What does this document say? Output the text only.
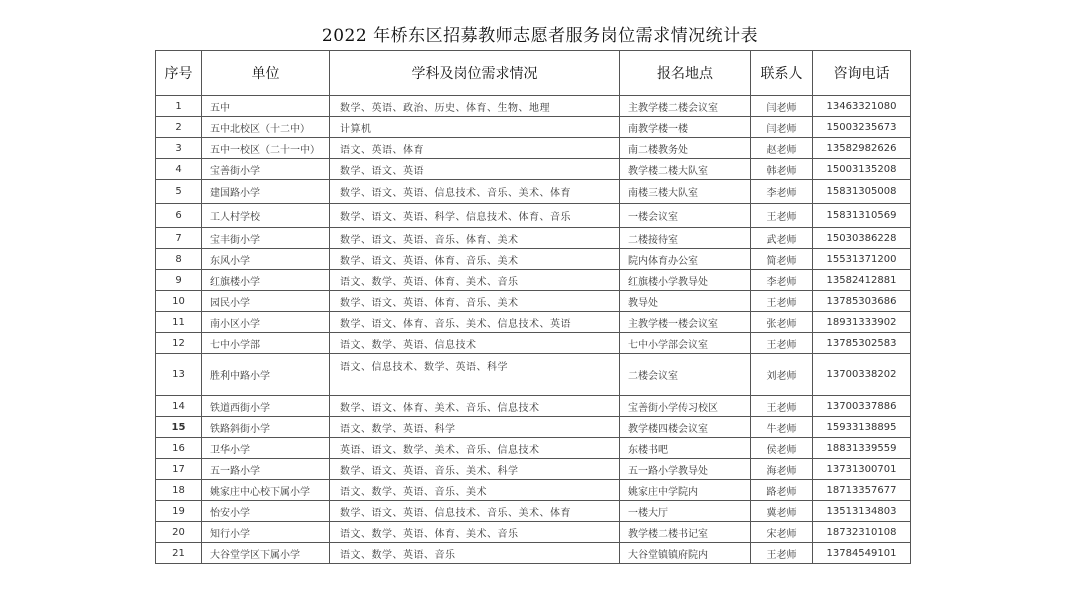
2022 年桥东区招募教师志愿者服务岗位需求情况统计表
序号	单位	学科及岗位需求情况	报名地点	联系人	咨询电话
1	五中	数学、英语、政治、历史、体育、生物、地理	主教学楼二楼会议室	闫老师	13463321080
2	五中北校区（十二中）	计算机	南教学楼一楼	闫老师	15003235673
3	五中一校区（二十一中）	语文、英语、体育	南二楼教务处	赵老师	13582982626
4	宝善街小学	数学、语文、英语	教学楼二楼大队室	韩老师	15003135208
5	建国路小学	数学、语文、英语、信息技术、音乐、美术、体育	南楼三楼大队室	李老师	15831305008
6	工人村学校	数学、语文、英语、科学、信息技术、体育、音乐	一楼会议室	王老师	15831310569
7	宝丰街小学	数学、语文、英语、音乐、体育、美术	二楼接待室	武老师	15030386228
8	东风小学	数学、语文、英语、体育、音乐、美术	院内体育办公室	简老师	15531371200
9	红旗楼小学	语文、数学、英语、体育、美术、音乐	红旗楼小学教导处	李老师	13582412881
10	园民小学	数学、语文、英语、体育、音乐、美术	教导处	王老师	13785303686
11	南小区小学	数学、语文、体育、音乐、美术、信息技术、英语	主教学楼一楼会议室	张老师	18931333902
12	七中小学部	语文、数学、英语、信息技术	七中小学部会议室	王老师	13785302583
13	胜利中路小学	语文、信息技术、数学、英语、科学	二楼会议室	刘老师	13700338202
14	铁道西街小学	数学、语文、体育、美术、音乐、信息技术	宝善街小学传习校区	王老师	13700337886
15	铁路斜街小学	语文、数学、英语、科学	教学楼四楼会议室	牛老师	15933138895
16	卫华小学	英语、语文、数学、美术、音乐、信息技术	东楼书吧	侯老师	18831339559
17	五一路小学	数学、语文、英语、音乐、美术、科学	五一路小学教导处	海老师	13731300701
18	姚家庄中心校下属小学	语文、数学、英语、音乐、美术	姚家庄中学院内	路老师	18713357677
19	怡安小学	数学、语文、英语、信息技术、音乐、美术、体育	一楼大厅	冀老师	13513134803
20	知行小学	语文、数学、英语、体育、美术、音乐	教学楼二楼书记室	宋老师	18732310108
21	大谷堂学区下属小学	语文、数学、英语、音乐	大谷堂镇镇府院内	王老师	13784549101
